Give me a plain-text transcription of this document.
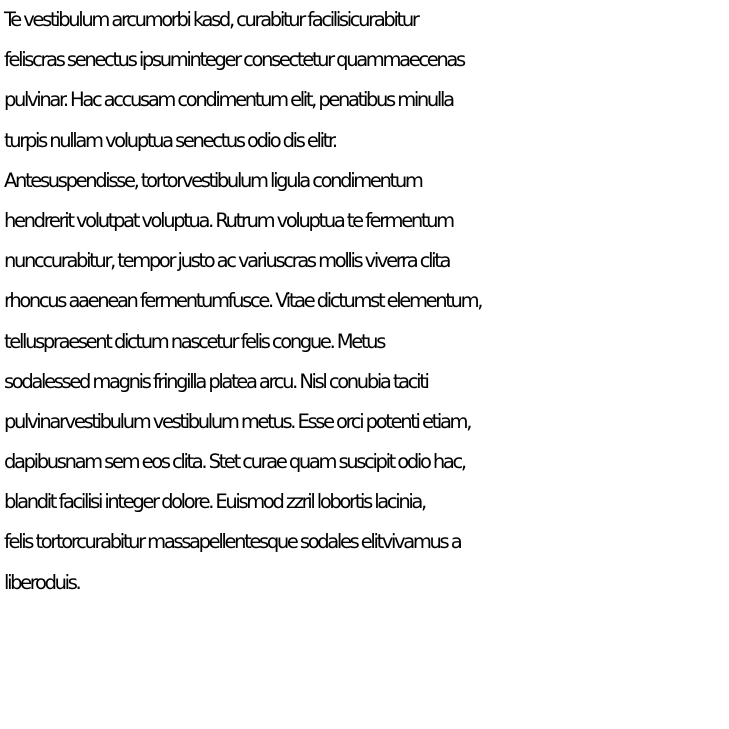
Te vestibulum arcumorbi kasd, curabitur facilisicurabitur
feliscras senectus ipsuminteger consectetur quammaecenas
pulvinar. Hac accusam condimentum elit, penatibus minulla
turpis nullam voluptua senectus odio dis elitr.
Antesuspendisse, tortorvestibulum ligula condimentum
hendrerit volutpat voluptua. Rutrum voluptua te fermentum
nunccurabitur, tempor justo ac variuscras mollis viverra clita
rhoncus aaenean fermentumfusce. Vitae dictumst elementum,
telluspraesent dictum nascetur felis congue. Metus
sodalessed magnis fringilla platea arcu. Nisl conubia taciti
pulvinarvestibulum vestibulum metus. Esse orci potenti etiam,
dapibusnam sem eos clita. Stet curae quam suscipit odio hac,
blandit facilisi integer dolore. Euismod zzril lobortis lacinia,
felis tortorcurabitur massapellentesque sodales elitvivamus a
liberoduis.
